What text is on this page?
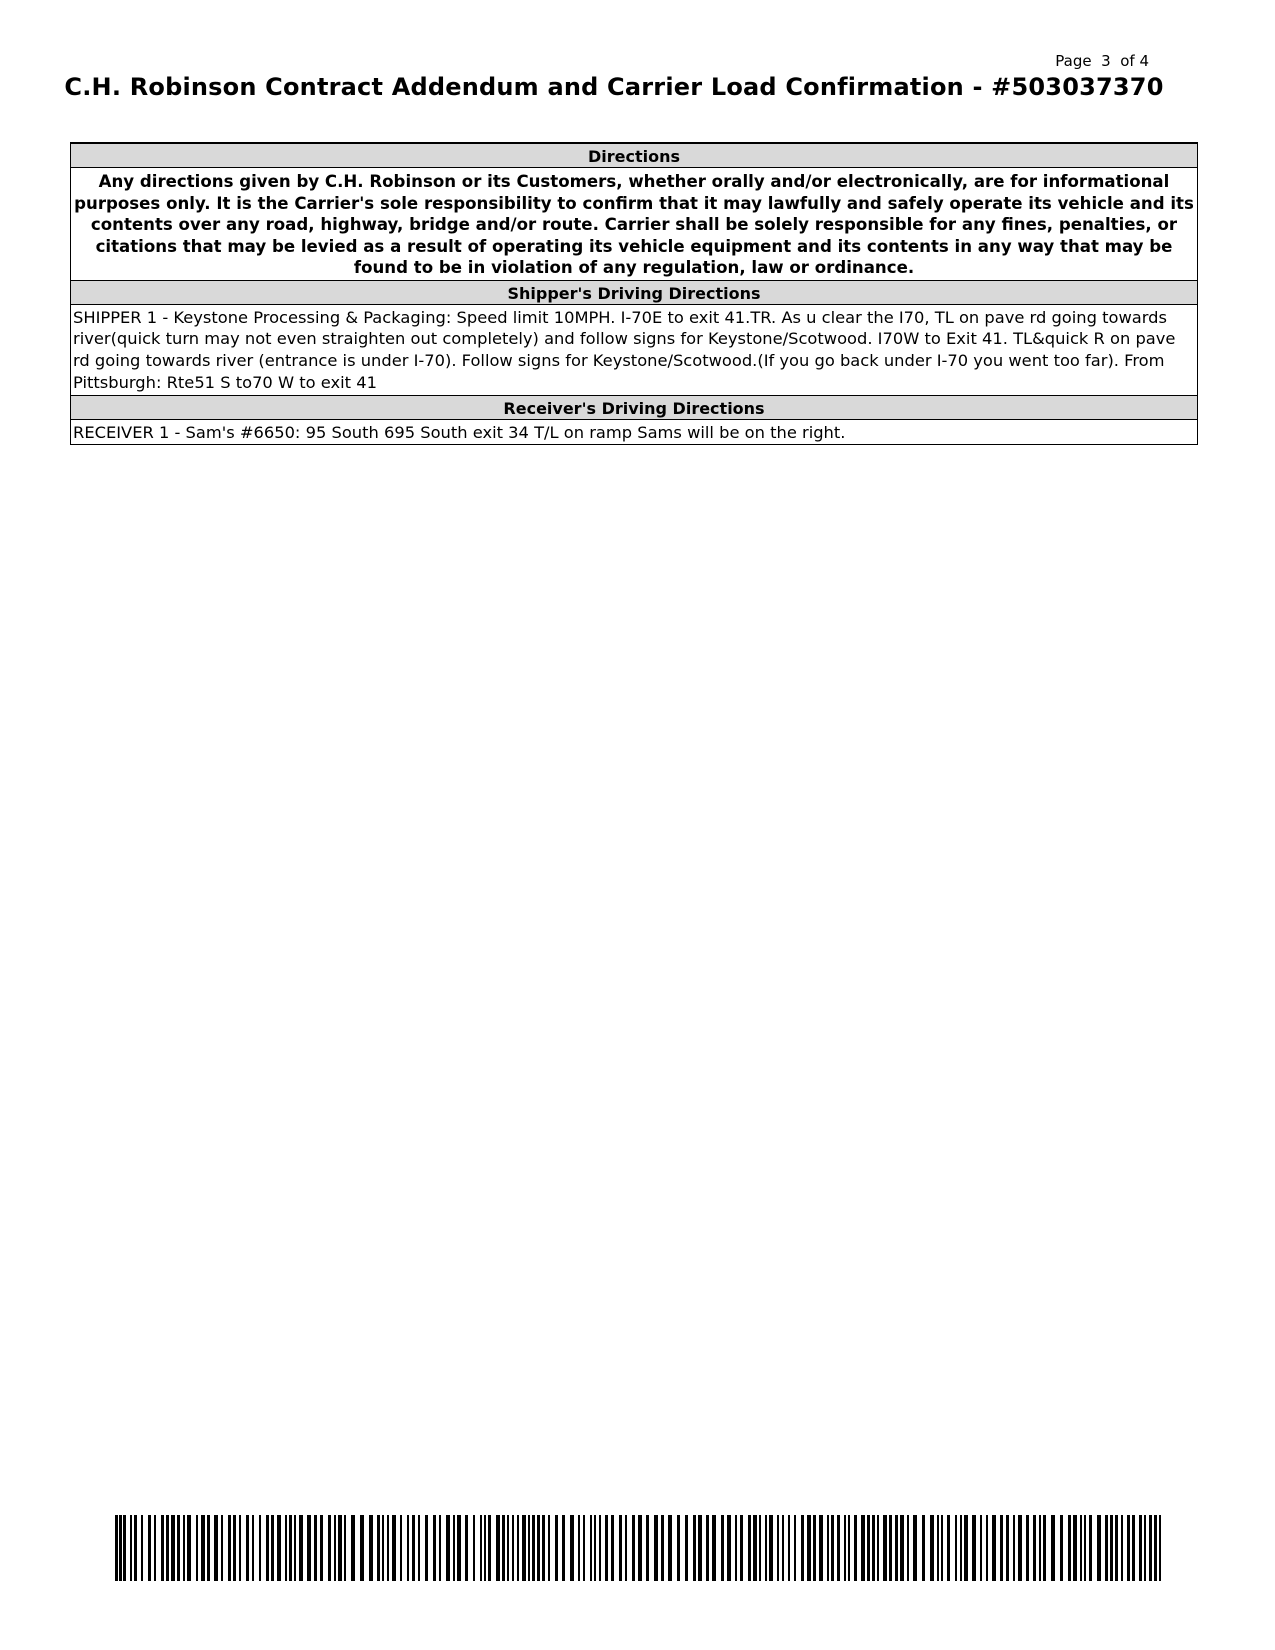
Page  3  of 4
C.H. Robinson Contract Addendum and Carrier Load Confirmation - #503037370
Directions
Any directions given by C.H. Robinson or its Customers, whether orally and/or electronically, are for informational purposes only. It is the Carrier's sole responsibility to confirm that it may lawfully and safely operate its vehicle and its contents over any road, highway, bridge and/or route. Carrier shall be solely responsible for any fines, penalties, or citations that may be levied as a result of operating its vehicle equipment and its contents in any way that may be found to be in violation of any regulation, law or ordinance.
Shipper's Driving Directions
SHIPPER 1 - Keystone Processing & Packaging: Speed limit 10MPH. I-70E to exit 41.TR. As u clear the I70, TL on pave rd going towards river(quick turn may not even straighten out completely) and follow signs for Keystone/Scotwood. I70W to Exit 41. TL&quick R on pave rd going towards river (entrance is under I-70). Follow signs for Keystone/Scotwood.(If you go back under I-70 you went too far). From Pittsburgh: Rte51 S to70 W to exit 41
Receiver's Driving Directions
RECEIVER 1 - Sam's #6650: 95 South 695 South exit 34 T/L on ramp Sams will be on the right.
